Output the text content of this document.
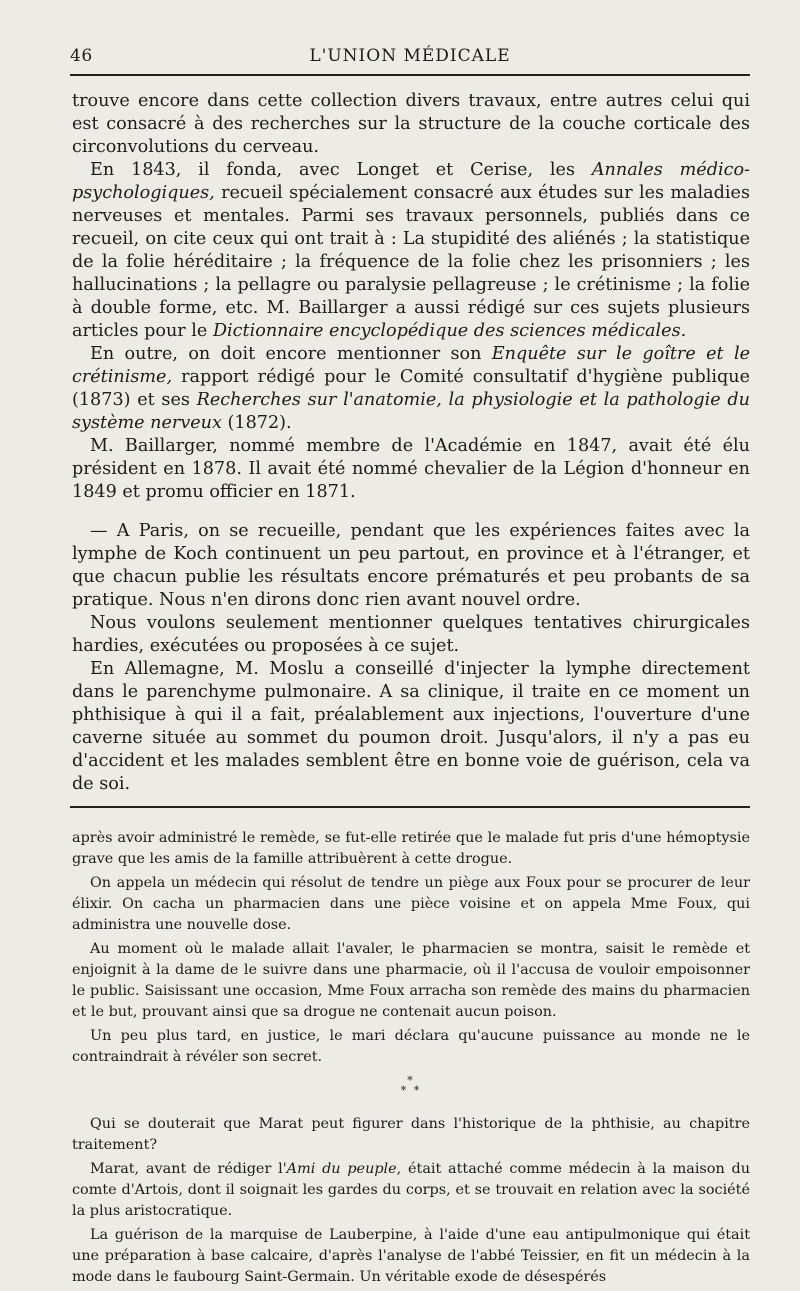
46	L'UNION MÉDICALE

trouve encore dans cette collection divers travaux, entre autres celui qui est consacré à des recherches sur la structure de la couche corticale des circonvolutions du cerveau.

En 1843, il fonda, avec Longet et Cerise, les Annales médico-psychologiques, recueil spécialement consacré aux études sur les maladies nerveuses et mentales. Parmi ses travaux personnels, publiés dans ce recueil, on cite ceux qui ont trait à : La stupidité des aliénés ; la statistique de la folie héréditaire ; la fréquence de la folie chez les prisonniers ; les hallucinations ; la pellagre ou paralysie pellagreuse ; le crétinisme ; la folie à double forme, etc. M. Baillarger a aussi rédigé sur ces sujets plusieurs articles pour le Dictionnaire encyclopédique des sciences médicales.

En outre, on doit encore mentionner son Enquête sur le goître et le crétinisme, rapport rédigé pour le Comité consultatif d'hygiène publique (1873) et ses Recherches sur l'anatomie, la physiologie et la pathologie du système nerveux (1872).

M. Baillarger, nommé membre de l'Académie en 1847, avait été élu président en 1878. Il avait été nommé chevalier de la Légion d'honneur en 1849 et promu officier en 1871.

— A Paris, on se recueille, pendant que les expériences faites avec la lymphe de Koch continuent un peu partout, en province et à l'étranger, et que chacun publie les résultats encore prématurés et peu probants de sa pratique. Nous n'en dirons donc rien avant nouvel ordre.

Nous voulons seulement mentionner quelques tentatives chirurgicales hardies, exécutées ou proposées à ce sujet.

En Allemagne, M. Moslu a conseillé d'injecter la lymphe directement dans le parenchyme pulmonaire. A sa clinique, il traite en ce moment un phthisique à qui il a fait, préalablement aux injections, l'ouverture d'une caverne située au sommet du poumon droit. Jusqu'alors, il n'y a pas eu d'accident et les malades semblent être en bonne voie de guérison, cela va de soi.

après avoir administré le remède, se fut-elle retirée que le malade fut pris d'une hémoptysie grave que les amis de la famille attribuèrent à cette drogue.

On appela un médecin qui résolut de tendre un piège aux Foux pour se procurer de leur élixir. On cacha un pharmacien dans une pièce voisine et on appela Mme Foux, qui administra une nouvelle dose.

Au moment où le malade allait l'avaler, le pharmacien se montra, saisit le remède et enjoignit à la dame de le suivre dans une pharmacie, où il l'accusa de vouloir empoisonner le public. Saisissant une occasion, Mme Foux arracha son remède des mains du pharmacien et le but, prouvant ainsi que sa drogue ne contenait aucun poison.

Un peu plus tard, en justice, le mari déclara qu'aucune puissance au monde ne le contraindrait à révéler son secret.

*
* *

Qui se douterait que Marat peut figurer dans l'historique de la phthisie, au chapitre traitement?

Marat, avant de rédiger l'Ami du peuple, était attaché comme médecin à la maison du comte d'Artois, dont il soignait les gardes du corps, et se trouvait en relation avec la société la plus aristocratique.

La guérison de la marquise de Lauberpine, à l'aide d'une eau antipulmonique qui était une préparation à base calcaire, d'après l'analyse de l'abbé Teissier, en fit un médecin à la mode dans le faubourg Saint-Germain. Un véritable exode de désespérés
